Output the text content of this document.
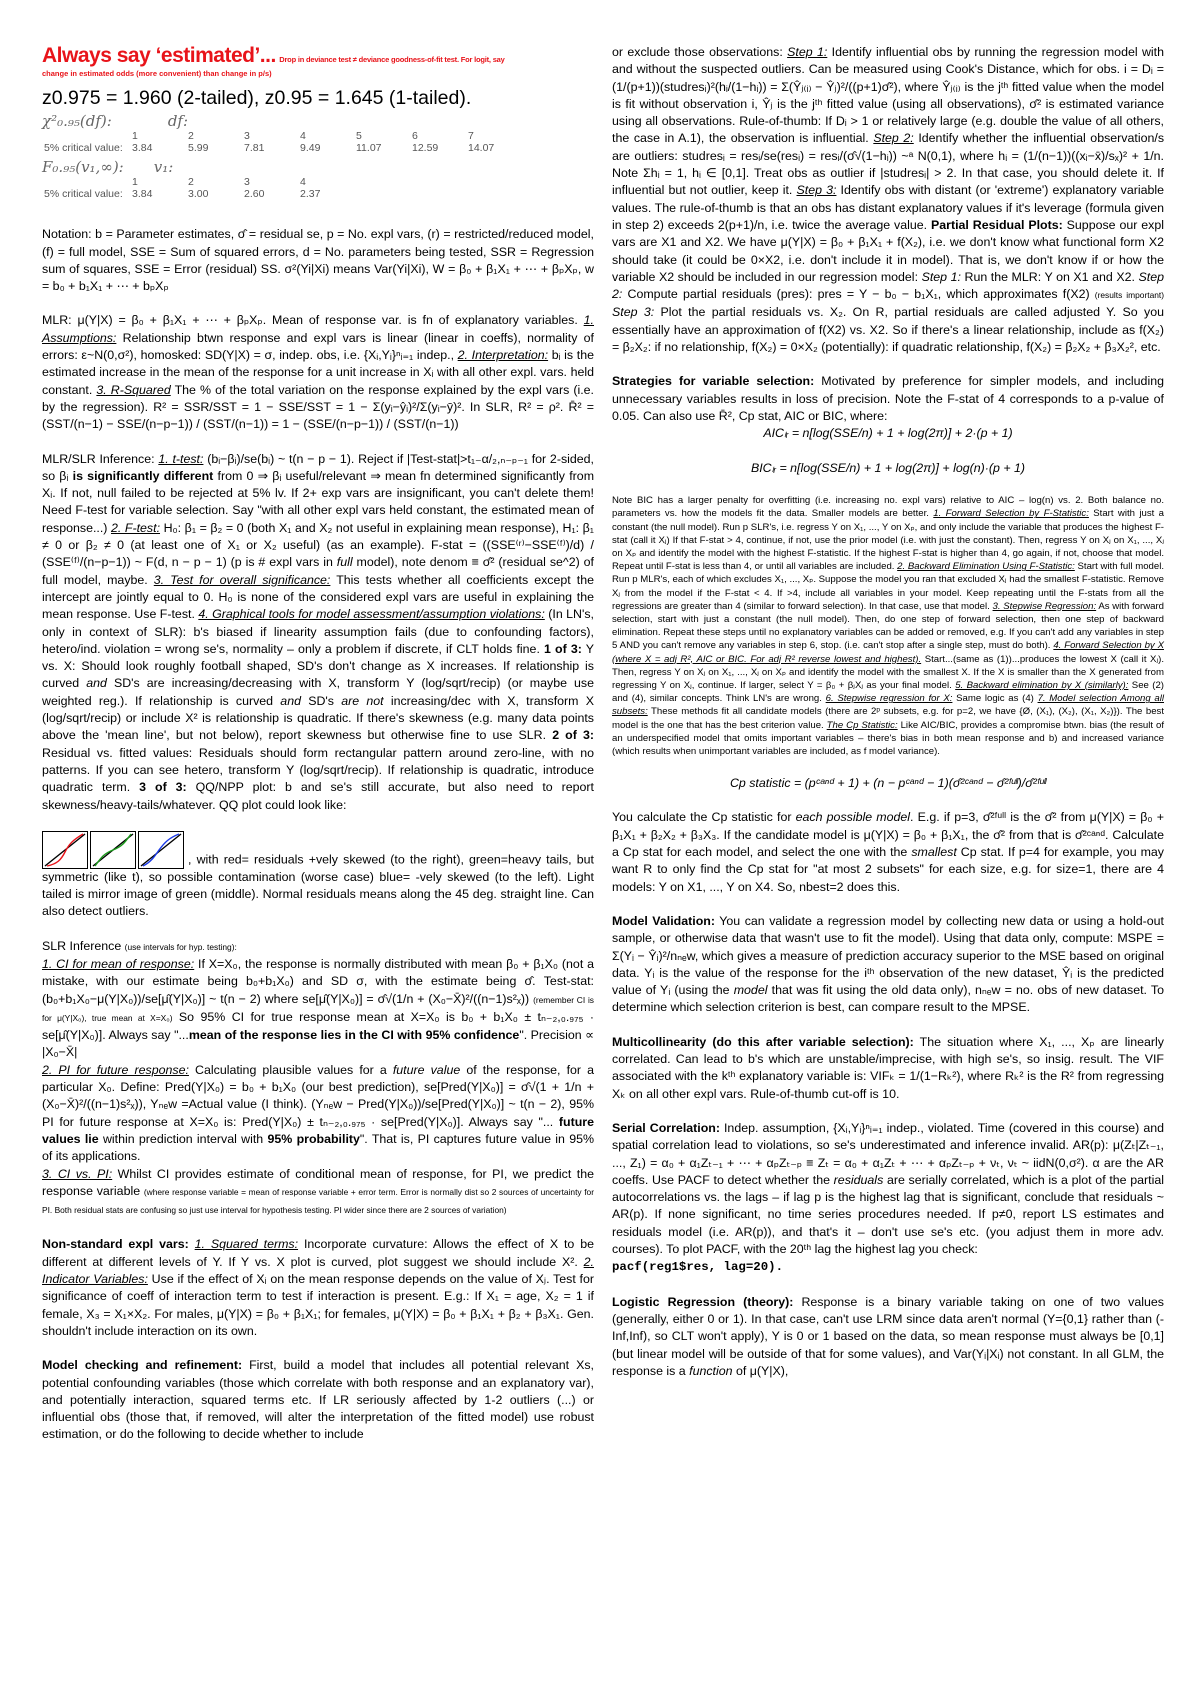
Always say ‘estimated’... Drop in deviance test ≠ deviance goodness-of-fit test. For logit, say
change in estimated odds (more convenient) than change in p/s)
z0.975 = 1.960 (2-tailed), z0.95 = 1.645 (1-tailed).
χ²₀.₉₅(df):	df:
	1	2	3	4	5	6	7
5% critical value:	3.84	5.99	7.81	9.49	11.07	12.59	14.07
F₀.₉₅(v₁,∞): v₁:
	1	2	3	4
5% critical value:	3.84	3.00	2.60	2.37

Notation: b = Parameter estimates, σ̂ = residual se, p = No. expl vars, (r) = restricted/reduced model, (f) = full model, SSE = Sum of squared errors, d = No. parameters being tested, SSR = Regression sum of squares, SSE = Error (residual) SS. σ²(Yi|Xi) means Var(Yi|Xi), W = β₀ + β₁X₁ + ⋯ + βₚXₚ, w = b₀ + b₁X₁ + ⋯ + bₚXₚ

MLR: μ(Y|X) = β₀ + β₁X₁ + ⋯ + βₚXₚ. Mean of response var. is fn of explanatory variables. 1. Assumptions: Relationship btwn response and expl vars is linear (linear in coeffs), normality of errors: ε~N(0,σ²), homosked: SD(Y|X) = σ, indep. obs, i.e. {Xᵢ,Yᵢ}ⁿᵢ₌₁ indep., 2. Interpretation: bᵢ is the estimated increase in the mean of the response for a unit increase in Xᵢ with all other expl. vars. held constant. 3. R-Squared The % of the total variation on the response explained by the expl vars (i.e. by the regression). R² = SSR/SST = 1 − SSE/SST = 1 − Σ(yᵢ−ŷᵢ)²/Σ(yᵢ−ȳ)². In SLR, R² = ρ². R̄² = (SST/(n−1) − SSE/(n−p−1)) / (SST/(n−1)) = 1 − (SSE/(n−p−1)) / (SST/(n−1))

MLR/SLR Inference: 1. t-test: (bᵢ−βᵢ)/se(bᵢ) ~ t(n − p − 1). Reject if |Test-stat|>t₁₋α/₂,ₙ₋ₚ₋₁ for 2-sided, so βᵢ is significantly different from 0 ⇒ βᵢ useful/relevant ⇒ mean fn determined significantly from Xᵢ. If not, null failed to be rejected at 5% lv. If 2+ exp vars are insignificant, you can't delete them! Need F-test for variable selection. Say "with all other expl vars held constant, the estimated mean of response...) 2. F-test: H₀: β₁ = β₂ = 0 (both X₁ and X₂ not useful in explaining mean response), H₁: β₁ ≠ 0 or β₂ ≠ 0 (at least one of X₁ or X₂ useful) (as an example). F-stat = ((SSE⁽ʳ⁾−SSE⁽ᶠ⁾)/d) / (SSE⁽ᶠ⁾/(n−p−1)) ~ F(d, n − p − 1) (p is # expl vars in full model), note denom ≡ σ̂² (residual se^2) of full model, maybe. 3. Test for overall significance: This tests whether all coefficients except the intercept are jointly equal to 0. H₀ is none of the considered expl vars are useful in explaining the mean response. Use F-test. 4. Graphical tools for model assessment/assumption violations: (In LN's, only in context of SLR): b's biased if linearity assumption fails (due to confounding factors), hetero/ind. violation = wrong se's, normality – only a problem if discrete, if CLT holds fine. 1 of 3: Y vs. X: Should look roughly football shaped, SD's don't change as X increases. If relationship is curved and SD's are increasing/decreasing with X, transform Y (log/sqrt/recip) (or maybe use weighted reg.). If relationship is curved and SD's are not increasing/dec with X, transform X (log/sqrt/recip) or include X² is relationship is quadratic. If there's skewness (e.g. many data points above the 'mean line', but not below), report skewness but otherwise fine to use SLR. 2 of 3: Residual vs. fitted values: Residuals should form rectangular pattern around zero-line, with no patterns. If you can see hetero, transform Y (log/sqrt/recip). If relationship is quadratic, introduce quadratic term. 3 of 3: QQ/NPP plot: b and se's still accurate, but also need to report skewness/heavy-tails/whatever. QQ plot could look like:

, with red= residuals +vely skewed (to the right), green=heavy tails, but symmetric (like t), so possible contamination (worse case) blue= -vely skewed (to the left). Light tailed is mirror image of green (middle). Normal residuals means along the 45 deg. straight line. Can also detect outliers.

SLR Inference (use intervals for hyp. testing):
1. CI for mean of response: If X=X₀, the response is normally distributed with mean β₀ + β₁X₀ (not a mistake, with our estimate being b₀+b₁X₀) and SD σ, with the estimate being σ̂. Test-stat: (b₀+b₁X₀−μ(Y|X₀))/se[μ̂(Y|X₀)] ~ t(n − 2) where se[μ̂(Y|X₀)] = σ̂√(1/n + (X₀−X̄)²/((n−1)s²ₓ)) (remember CI is for μ(Y|X₀), true mean at X=X₀) So 95% CI for true response mean at X=X₀ is b₀ + b₁X₀ ± tₙ₋₂,₀.₉₇₅ · se[μ̂(Y|X₀)]. Always say "...mean of the response lies in the CI with 95% confidence". Precision ∝ |X₀−X̄|
2. PI for future response: Calculating plausible values for a future value of the response, for a particular X₀. Define: Pred(Y|X₀) = b₀ + b₁X₀ (our best prediction), se[Pred(Y|X₀)] = σ̂√(1 + 1/n + (X₀−X̄)²/((n−1)s²ₓ)), Yₙₑw =Actual value (I think). (Yₙₑw − Pred(Y|X₀))/se[Pred(Y|X₀)] ~ t(n − 2), 95% PI for future response at X=X₀ is: Pred(Y|X₀) ± tₙ₋₂,₀.₉₇₅ · se[Pred(Y|X₀)]. Always say "... future values lie within prediction interval with 95% probability". That is, PI captures future value in 95% of its applications.
3. CI vs. PI: Whilst CI provides estimate of conditional mean of response, for PI, we predict the response variable (where response variable = mean of response variable + error term. Error is normally dist so 2 sources of uncertainty for PI. Both residual stats are confusing so just use interval for hypothesis testing. PI wider since there are 2 sources of variation)

Non-standard expl vars: 1. Squared terms: Incorporate curvature: Allows the effect of X to be different at different levels of Y. If Y vs. X plot is curved, plot suggest we should include X². 2. Indicator Variables: Use if the effect of Xᵢ on the mean response depends on the value of Xⱼ. Test for significance of coeff of interaction term to test if interaction is present. E.g.: If X₁ = age, X₂ = 1 if female, X₃ = X₁×X₂. For males, μ(Y|X) = β₀ + β₁X₁; for females, μ(Y|X) = β₀ + β₁X₁ + β₂ + β₃X₁. Gen. shouldn't include interaction on its own.

Model checking and refinement: First, build a model that includes all potential relevant Xs, potential confounding variables (those which correlate with both response and an explanatory var), and potentially interaction, squared terms etc. If LR seriously affected by 1-2 outliers (...) or influential obs (those that, if removed, will alter the interpretation of the fitted model) use robust estimation, or do the following to decide whether to include

or exclude those observations: Step 1: Identify influential obs by running the regression model with and without the suspected outliers. Can be measured using Cook's Distance, which for obs. i = Dᵢ = (1/(p+1))(studresᵢ)²(hᵢ/(1−hᵢ)) = Σ(Ŷⱼ₍ᵢ₎ − Ŷⱼ)²/((p+1)σ̂²), where Ŷⱼ₍ᵢ₎ is the jᵗʰ fitted value when the model is fit without observation i, Ŷⱼ is the jᵗʰ fitted value (using all observations), σ̂² is estimated variance using all observations. Rule-of-thumb: If Dᵢ > 1 or relatively large (e.g. double the value of all others, the case in A.1), the observation is influential. Step 2: Identify whether the influential observation/s are outliers: studresᵢ = resᵢ/se(resᵢ) = resᵢ/(σ̂√(1−hᵢ)) ~ᵃ N(0,1), where hᵢ = (1/(n−1))((xᵢ−x̄)/sₓ)² + 1/n. Note Σhᵢ = 1, hᵢ ∈ [0,1]. Treat obs as outlier if |studresᵢ| > 2. In that case, you should delete it. If influential but not outlier, keep it. Step 3: Identify obs with distant (or 'extreme') explanatory variable values. The rule-of-thumb is that an obs has distant explanatory values if it's leverage (formula given in step 2) exceeds 2(p+1)/n, i.e. twice the average value. Partial Residual Plots: Suppose our expl vars are X1 and X2. We have μ(Y|X) = β₀ + β₁X₁ + f(X₂), i.e. we don't know what functional form X2 should take (it could be 0×X2, i.e. don't include it in model). That is, we don't know if or how the variable X2 should be included in our regression model: Step 1: Run the MLR: Y on X1 and X2. Step 2: Compute partial residuals (pres): pres = Y − b₀ − b₁X₁, which approximates f(X2) (results important) Step 3: Plot the partial residuals vs. X₂. On R, partial residuals are called adjusted Y. So you essentially have an approximation of f(X2) vs. X2. So if there's a linear relationship, include as f(X₂) = β₂X₂: if no relationship, f(X₂) = 0×X₂ (potentially): if quadratic relationship, f(X₂) = β₂X₂ + β₃X₂², etc.

Strategies for variable selection: Motivated by preference for simpler models, and including unnecessary variables results in loss of precision. Note the F-stat of 4 corresponds to a p-value of 0.05. Can also use R̄², Cp stat, AIC or BIC, where:

AICₗᵣ = n[log(SSE/n) + 1 + log(2π)] + 2·(p + 1)

BICₗᵣ = n[log(SSE/n) + 1 + log(2π)] + log(n)·(p + 1)

Note BIC has a larger penalty for overfitting (i.e. increasing no. expl vars) relative to AIC – log(n) vs. 2. Both balance no. parameters vs. how the models fit the data. Smaller models are better. 1. Forward Selection by F-Statistic: Start with just a constant (the null model). Run p SLR's, i.e. regress Y on X₁, ..., Y on Xₚ, and only include the variable that produces the highest F-stat (call it Xⱼ) If that F-stat > 4, continue, if not, use the prior model (i.e. with just the constant). Then, regress Y on Xⱼ on X₁, ..., Xⱼ on Xₚ and identify the model with the highest F-statistic. If the highest F-stat is higher than 4, go again, if not, choose that model. Repeat until F-stat is less than 4, or until all variables are included. 2. Backward Elimination Using F-Statistic: Start with full model. Run p MLR's, each of which excludes X₁, ..., Xₚ. Suppose the model you ran that excluded Xⱼ had the smallest F-statistic. Remove Xⱼ from the model if the F-stat < 4. If >4, include all variables in your model. Keep repeating until the F-stats from all the regressions are greater than 4 (similar to forward selection). In that case, use that model. 3. Stepwise Regression: As with forward selection, start with just a constant (the null model). Then, do one step of forward selection, then one step of backward elimination. Repeat these steps until no explanatory variables can be added or removed, e.g. If you can't add any variables in step 5 AND you can't remove any variables in step 6, stop. (i.e. can't stop after a single step, must do both). 4. Forward Selection by X (where X = adj R², AIC or BIC. For adj R² reverse lowest and highest). Start...(same as (1))...produces the lowest X (call it Xⱼ). Then, regress Y on Xⱼ on X₁, ..., Xⱼ on Xₚ and identify the model with the smallest X. If the X is smaller than the X generated from regressing Y on Xⱼ, continue. If larger, select Y = β₀ + βⱼXⱼ as your final model. 5. Backward elimination by X (similarly): See (2) and (4), similar concepts. Think LN's are wrong. 6. Stepwise regression for X: Same logic as (4) 7. Model selection Among all subsets: These methods fit all candidate models (there are 2ᵖ subsets, e.g. for p=2, we have {Ø, (X₁), (X₂), (X₁, X₂)}). The best model is the one that has the best criterion value. The Cp Statistic: Like AIC/BIC, provides a compromise btwn. bias (the result of an underspecified model that omits important variables – there's bias in both mean response and b) and increased variance (which results when unimportant variables are included, as f model variance).

Cp statistic = (pᶜᵃⁿᵈ + 1) + (n − pᶜᵃⁿᵈ − 1)(σ̂²ᶜᵃⁿᵈ − σ̂²ᶠᵘˡˡ)/σ̂²ᶠᵘˡˡ

You calculate the Cp statistic for each possible model. E.g. if p=3, σ̂²ᶠᵘˡˡ is the σ̂² from μ(Y|X) = β₀ + β₁X₁ + β₂X₂ + β₃X₃. If the candidate model is μ(Y|X) = β₀ + β₁X₁, the σ̂² from that is σ̂²ᶜᵃⁿᵈ. Calculate a Cp stat for each model, and select the one with the smallest Cp stat. If p=4 for example, you may want R to only find the Cp stat for "at most 2 subsets" for each size, e.g. for size=1, there are 4 models: Y on X1, ..., Y on X4. So, nbest=2 does this.

Model Validation: You can validate a regression model by collecting new data or using a hold-out sample, or otherwise data that wasn't use to fit the model). Using that data only, compute: MSPE = Σ(Yᵢ − Ŷᵢ)²/nₙₑw, which gives a measure of prediction accuracy superior to the MSE based on original data. Yᵢ is the value of the response for the iᵗʰ observation of the new dataset, Ŷᵢ is the predicted value of Yᵢ (using the model that was fit using the old data only), nₙₑw = no. obs of new dataset. To determine which selection criterion is best, can compare result to the MPSE.

Multicollinearity (do this after variable selection): The situation where X₁, ..., Xₚ are linearly correlated. Can lead to b's which are unstable/imprecise, with high se's, so insig. result. The VIF associated with the kᵗʰ explanatory variable is: VIFₖ = 1/(1−Rₖ²), where Rₖ² is the R² from regressing Xₖ on all other expl vars. Rule-of-thumb cut-off is 10.

Serial Correlation: Indep. assumption, {Xᵢ,Yᵢ}ⁿᵢ₌₁ indep., violated. Time (covered in this course) and spatial correlation lead to violations, so se's underestimated and inference invalid. AR(p): μ(Zₜ|Zₜ₋₁, ..., Z₁) = α₀ + α₁Zₜ₋₁ + ⋯ + αₚZₜ₋ₚ ≡ Zₜ = α₀ + α₁Zₜ + ⋯ + αₚZₜ₋ₚ + νₜ, νₜ ~ iidN(0,σ²). α are the AR coeffs. Use PACF to detect whether the residuals are serially correlated, which is a plot of the partial autocorrelations vs. the lags – if lag p is the highest lag that is significant, conclude that residuals ~ AR(p). If none significant, no time series procedures needed. If p≠0, report LS estimates and residuals model (i.e. AR(p)), and that's it – don't use se's etc. (you adjust them in more adv. courses). To plot PACF, with the 20ᵗʰ lag the highest lag you check:
pacf(reg1$res, lag=20).

Logistic Regression (theory): Response is a binary variable taking on one of two values (generally, either 0 or 1). In that case, can't use LRM since data aren't normal (Y={0,1} rather than (-Inf,Inf), so CLT won't apply), Y is 0 or 1 based on the data, so mean response must always be [0,1] (but linear model will be outside of that for some values), and Var(Yᵢ|Xᵢ) not constant. In all GLM, the response is a function of μ(Y|X),
